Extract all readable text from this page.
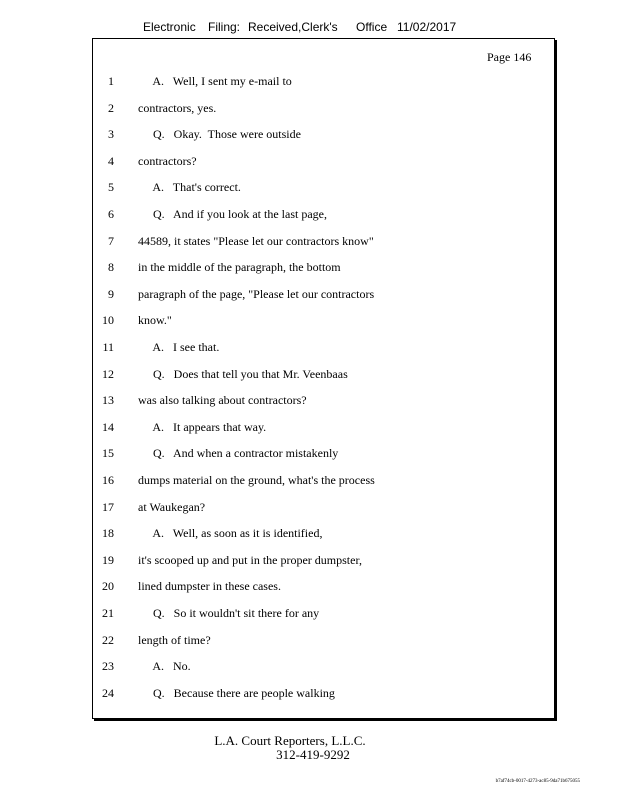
Electronic Filing: Received,Clerk's Office 11/02/2017
Page 146
1 A.   Well, I sent my e-mail to
2 contractors, yes.
3 Q.   Okay.  Those were outside
4 contractors?
5 A.   That's correct.
6 Q.   And if you look at the last page,
7 44589, it states "Please let our contractors know"
8 in the middle of the paragraph, the bottom
9 paragraph of the page, "Please let our contractors
10 know."
11 A.   I see that.
12 Q.   Does that tell you that Mr. Veenbaas
13 was also talking about contractors?
14 A.   It appears that way.
15 Q.   And when a contractor mistakenly
16 dumps material on the ground, what's the process
17 at Waukegan?
18 A.   Well, as soon as it is identified,
19 it's scooped up and put in the proper dumpster,
20 lined dumpster in these cases.
21 Q.   So it wouldn't sit there for any
22 length of time?
23 A.   No.
24 Q.   Because there are people walking
L.A. Court Reporters, L.L.C.
312-419-9292
b7af74cb-0017-4273-ac85-9da71b675055
